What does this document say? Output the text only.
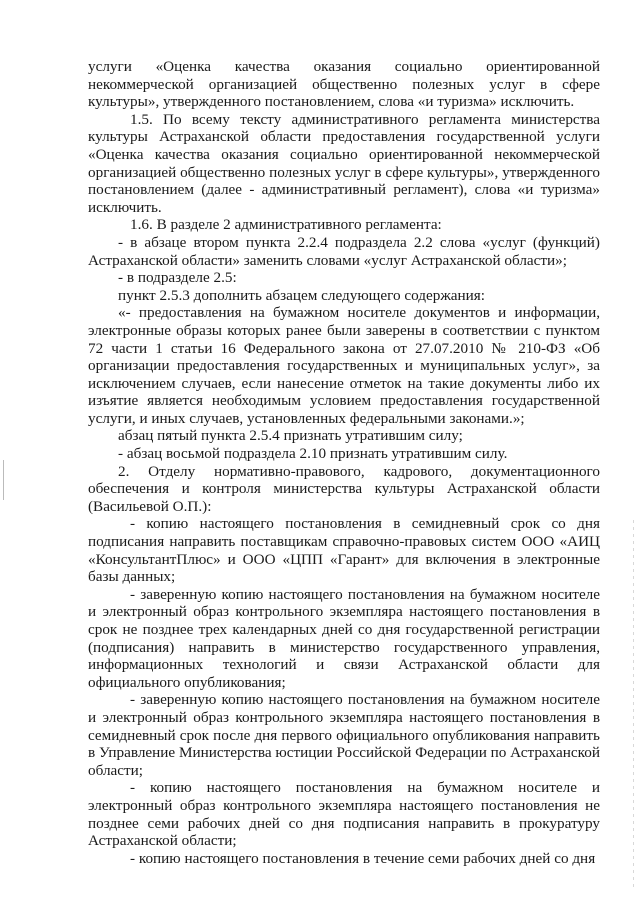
услуги «Оценка качества оказания социально ориентированной некоммерческой организацией общественно полезных услуг в сфере культуры», утвержденного постановлением, слова «и туризма» исключить.

1.5. По всему тексту административного регламента министерства культуры Астраханской области предоставления государственной услуги «Оценка качества оказания социально ориентированной некоммерческой организацией общественно полезных услуг в сфере культуры», утвержденного постановлением (далее - административный регламент), слова «и туризма» исключить.

1.6. В разделе 2 административного регламента:

- в абзаце втором пункта 2.2.4 подраздела 2.2 слова «услуг (функций) Астраханской области» заменить словами «услуг Астраханской области»;

- в подразделе 2.5:

пункт 2.5.3 дополнить абзацем следующего содержания:

«- предоставления на бумажном носителе документов и информации, электронные образы которых ранее были заверены в соответствии с пунктом 72 части 1 статьи 16 Федерального закона от 27.07.2010 № 210-ФЗ «Об организации предоставления государственных и муниципальных услуг», за исключением случаев, если нанесение отметок на такие документы либо их изъятие является необходимым условием предоставления государственной услуги, и иных случаев, установленных федеральными законами.»;

абзац пятый пункта 2.5.4 признать утратившим силу;

- абзац восьмой подраздела 2.10 признать утратившим силу.

2. Отделу нормативно-правового, кадрового, документационного обеспечения и контроля министерства культуры Астраханской области (Васильевой О.П.):

- копию настоящего постановления в семидневный срок со дня подписания направить поставщикам справочно-правовых систем ООО «АИЦ «КонсультантПлюс» и ООО «ЦПП «Гарант» для включения в электронные базы данных;

- заверенную копию настоящего постановления на бумажном носителе и электронный образ контрольного экземпляра настоящего постановления в срок не позднее трех календарных дней со дня государственной регистрации (подписания) направить в министерство государственного управления, информационных технологий и связи Астраханской области для официального опубликования;

- заверенную копию настоящего постановления на бумажном носителе и электронный образ контрольного экземпляра настоящего постановления в семидневный срок после дня первого официального опубликования направить в Управление Министерства юстиции Российской Федерации по Астраханской области;

- копию настоящего постановления на бумажном носителе и электронный образ контрольного экземпляра настоящего постановления не позднее семи рабочих дней со дня подписания направить в прокуратуру Астраханской области;

- копию настоящего постановления в течение семи рабочих дней со дня
